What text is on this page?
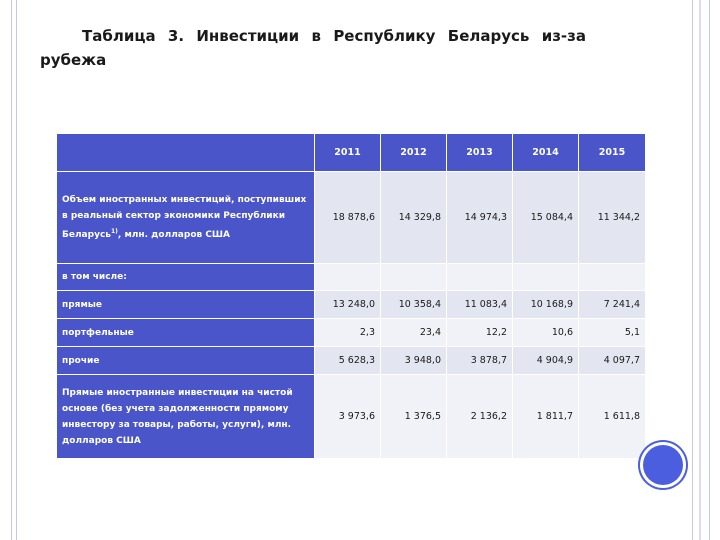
Таблица 3. Инвестиции в Республику Беларусь из-за рубежа
	2011	2012	2013	2014	2015
Объем иностранных инвестиций, поступивших в реальный сектор экономики Республики Беларусь$^{1)}$, млн. долларов США	18 878,6	14 329,8	14 974,3	15 084,4	11 344,2
в том числе:					
прямые	13 248,0	10 358,4	11 083,4	10 168,9	7 241,4
портфельные	2,3	23,4	12,2	10,6	5,1
прочие	5 628,3	3 948,0	3 878,7	4 904,9	4 097,7
Прямые иностранные инвестиции на чистой основе (без учета задолженности прямому инвестору за товары, работы, услуги), млн. долларов США	3 973,6	1 376,5	2 136,2	1 811,7	1 611,8
